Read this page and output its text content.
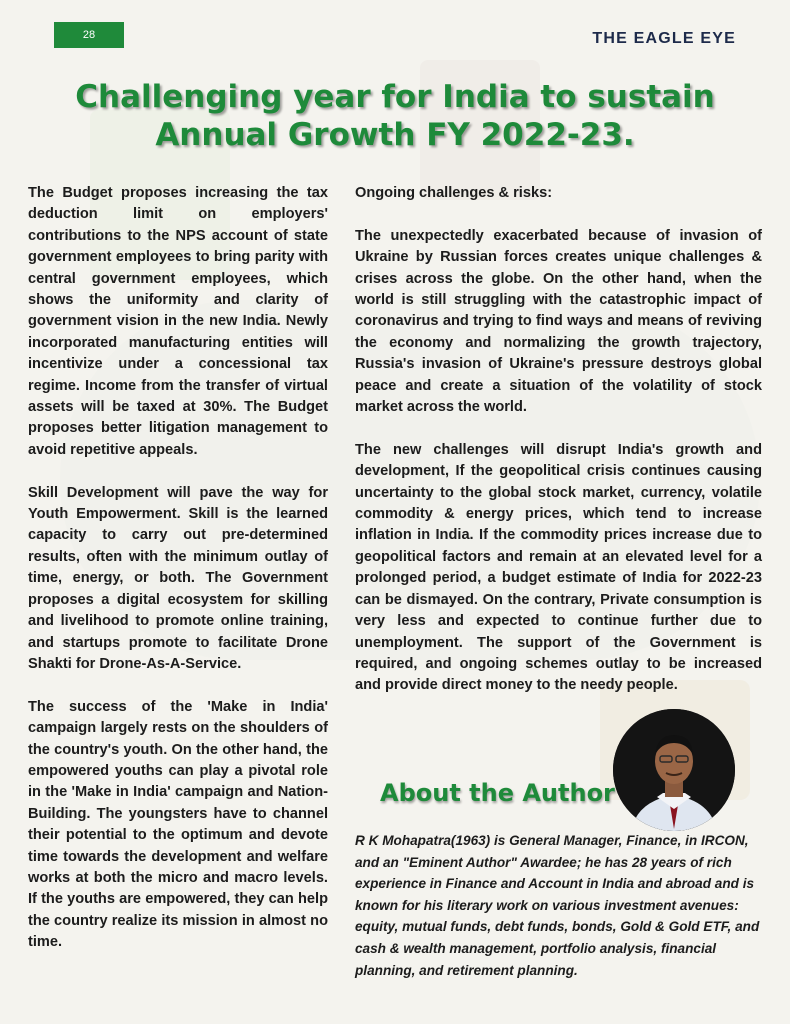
28	THE EAGLE EYE
Challenging year for India to sustain
Annual Growth FY 2022-23.

The Budget proposes increasing the tax deduction limit on employers' contributions to the NPS account of state government employees to bring parity with central government employees, which shows the uniformity and clarity of government vision in the new India. Newly incorporated manufacturing entities will incentivize under a concessional tax regime. Income from the transfer of virtual assets will be taxed at 30%. The Budget proposes better litigation management to avoid repetitive appeals.

Skill Development will pave the way for Youth Empowerment. Skill is the learned capacity to carry out pre-determined results, often with the minimum outlay of time, energy, or both. The Government proposes a digital ecosystem for skilling and livelihood to promote online training, and startups promote to facilitate Drone Shakti for Drone-As-A-Service.

The success of the 'Make in India' campaign largely rests on the shoulders of the country's youth. On the other hand, the empowered youths can play a pivotal role in the 'Make in India' campaign and Nation-Building. The youngsters have to channel their potential to the optimum and devote time towards the development and welfare works at both the micro and macro levels. If the youths are empowered, they can help the country realize its mission in almost no time.

Ongoing challenges & risks:

The unexpectedly exacerbated because of invasion of Ukraine by Russian forces creates unique challenges & crises across the globe. On the other hand, when the world is still struggling with the catastrophic impact of coronavirus and trying to find ways and means of reviving the economy and normalizing the growth trajectory, Russia's invasion of Ukraine's pressure destroys global peace and create a situation of the volatility of stock market across the world.

The new challenges will disrupt India's growth and development, If the geopolitical crisis continues causing uncertainty to the global stock market, currency, volatile commodity & energy prices, which tend to increase inflation in India. If the commodity prices increase due to geopolitical factors and remain at an elevated level for a prolonged period, a budget estimate of India for 2022-23 can be dismayed. On the contrary, Private consumption is very less and expected to continue further due to unemployment. The support of the Government is required, and ongoing schemes outlay to be increased and provide direct money to the needy people.

About the Author

R K Mohapatra(1963) is General Manager, Finance, in IRCON, and an "Eminent Author" Awardee; he has 28 years of rich experience in Finance and Account in India and abroad and is known for his literary work on various investment avenues: equity, mutual funds, debt funds, bonds, Gold & Gold ETF, and cash & wealth management, portfolio analysis, financial planning, and retirement planning.
